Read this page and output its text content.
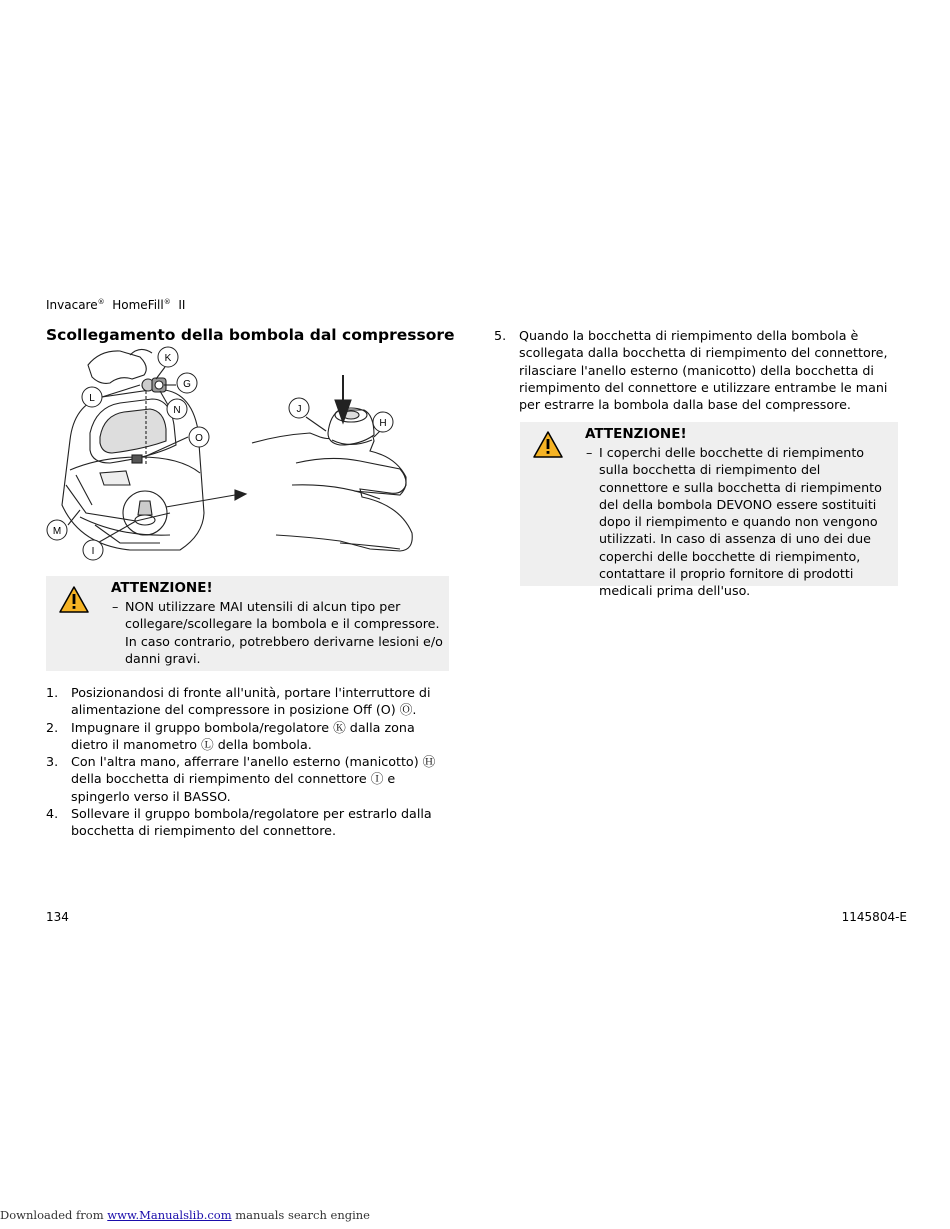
Invacare® HomeFill® II
Scollegamento della bombola dal compressore
K
G
L
N
O
M
I
J
H
ATTENZIONE!
– NON utilizzare MAI utensili di alcun tipo per collegare/scollegare la bombola e il compressore. In caso contrario, potrebbero derivarne lesioni e/o danni gravi.
1. Posizionandosi di fronte all'unità, portare l'interruttore di alimentazione del compressore in posizione Off (O) Ⓞ.
2. Impugnare il gruppo bombola/regolatore Ⓚ dalla zona dietro il manometro Ⓛ della bombola.
3. Con l'altra mano, afferrare l'anello esterno (manicotto) Ⓗ della bocchetta di riempimento del connettore Ⓘ e spingerlo verso il BASSO.
4. Sollevare il gruppo bombola/regolatore per estrarlo dalla bocchetta di riempimento del connettore.
5. Quando la bocchetta di riempimento della bombola è scollegata dalla bocchetta di riempimento del connettore, rilasciare l'anello esterno (manicotto) della bocchetta di riempimento del connettore e utilizzare entrambe le mani per estrarre la bombola dalla base del compressore.
ATTENZIONE!
– I coperchi delle bocchette di riempimento sulla bocchetta di riempimento del connettore e sulla bocchetta di riempimento del della bombola DEVONO essere sostituiti dopo il riempimento e quando non vengono utilizzati. In caso di assenza di uno dei due coperchi delle bocchette di riempimento, contattare il proprio fornitore di prodotti medicali prima dell'uso.
134	1145804-E
Downloaded from www.Manualslib.com manuals search engine
